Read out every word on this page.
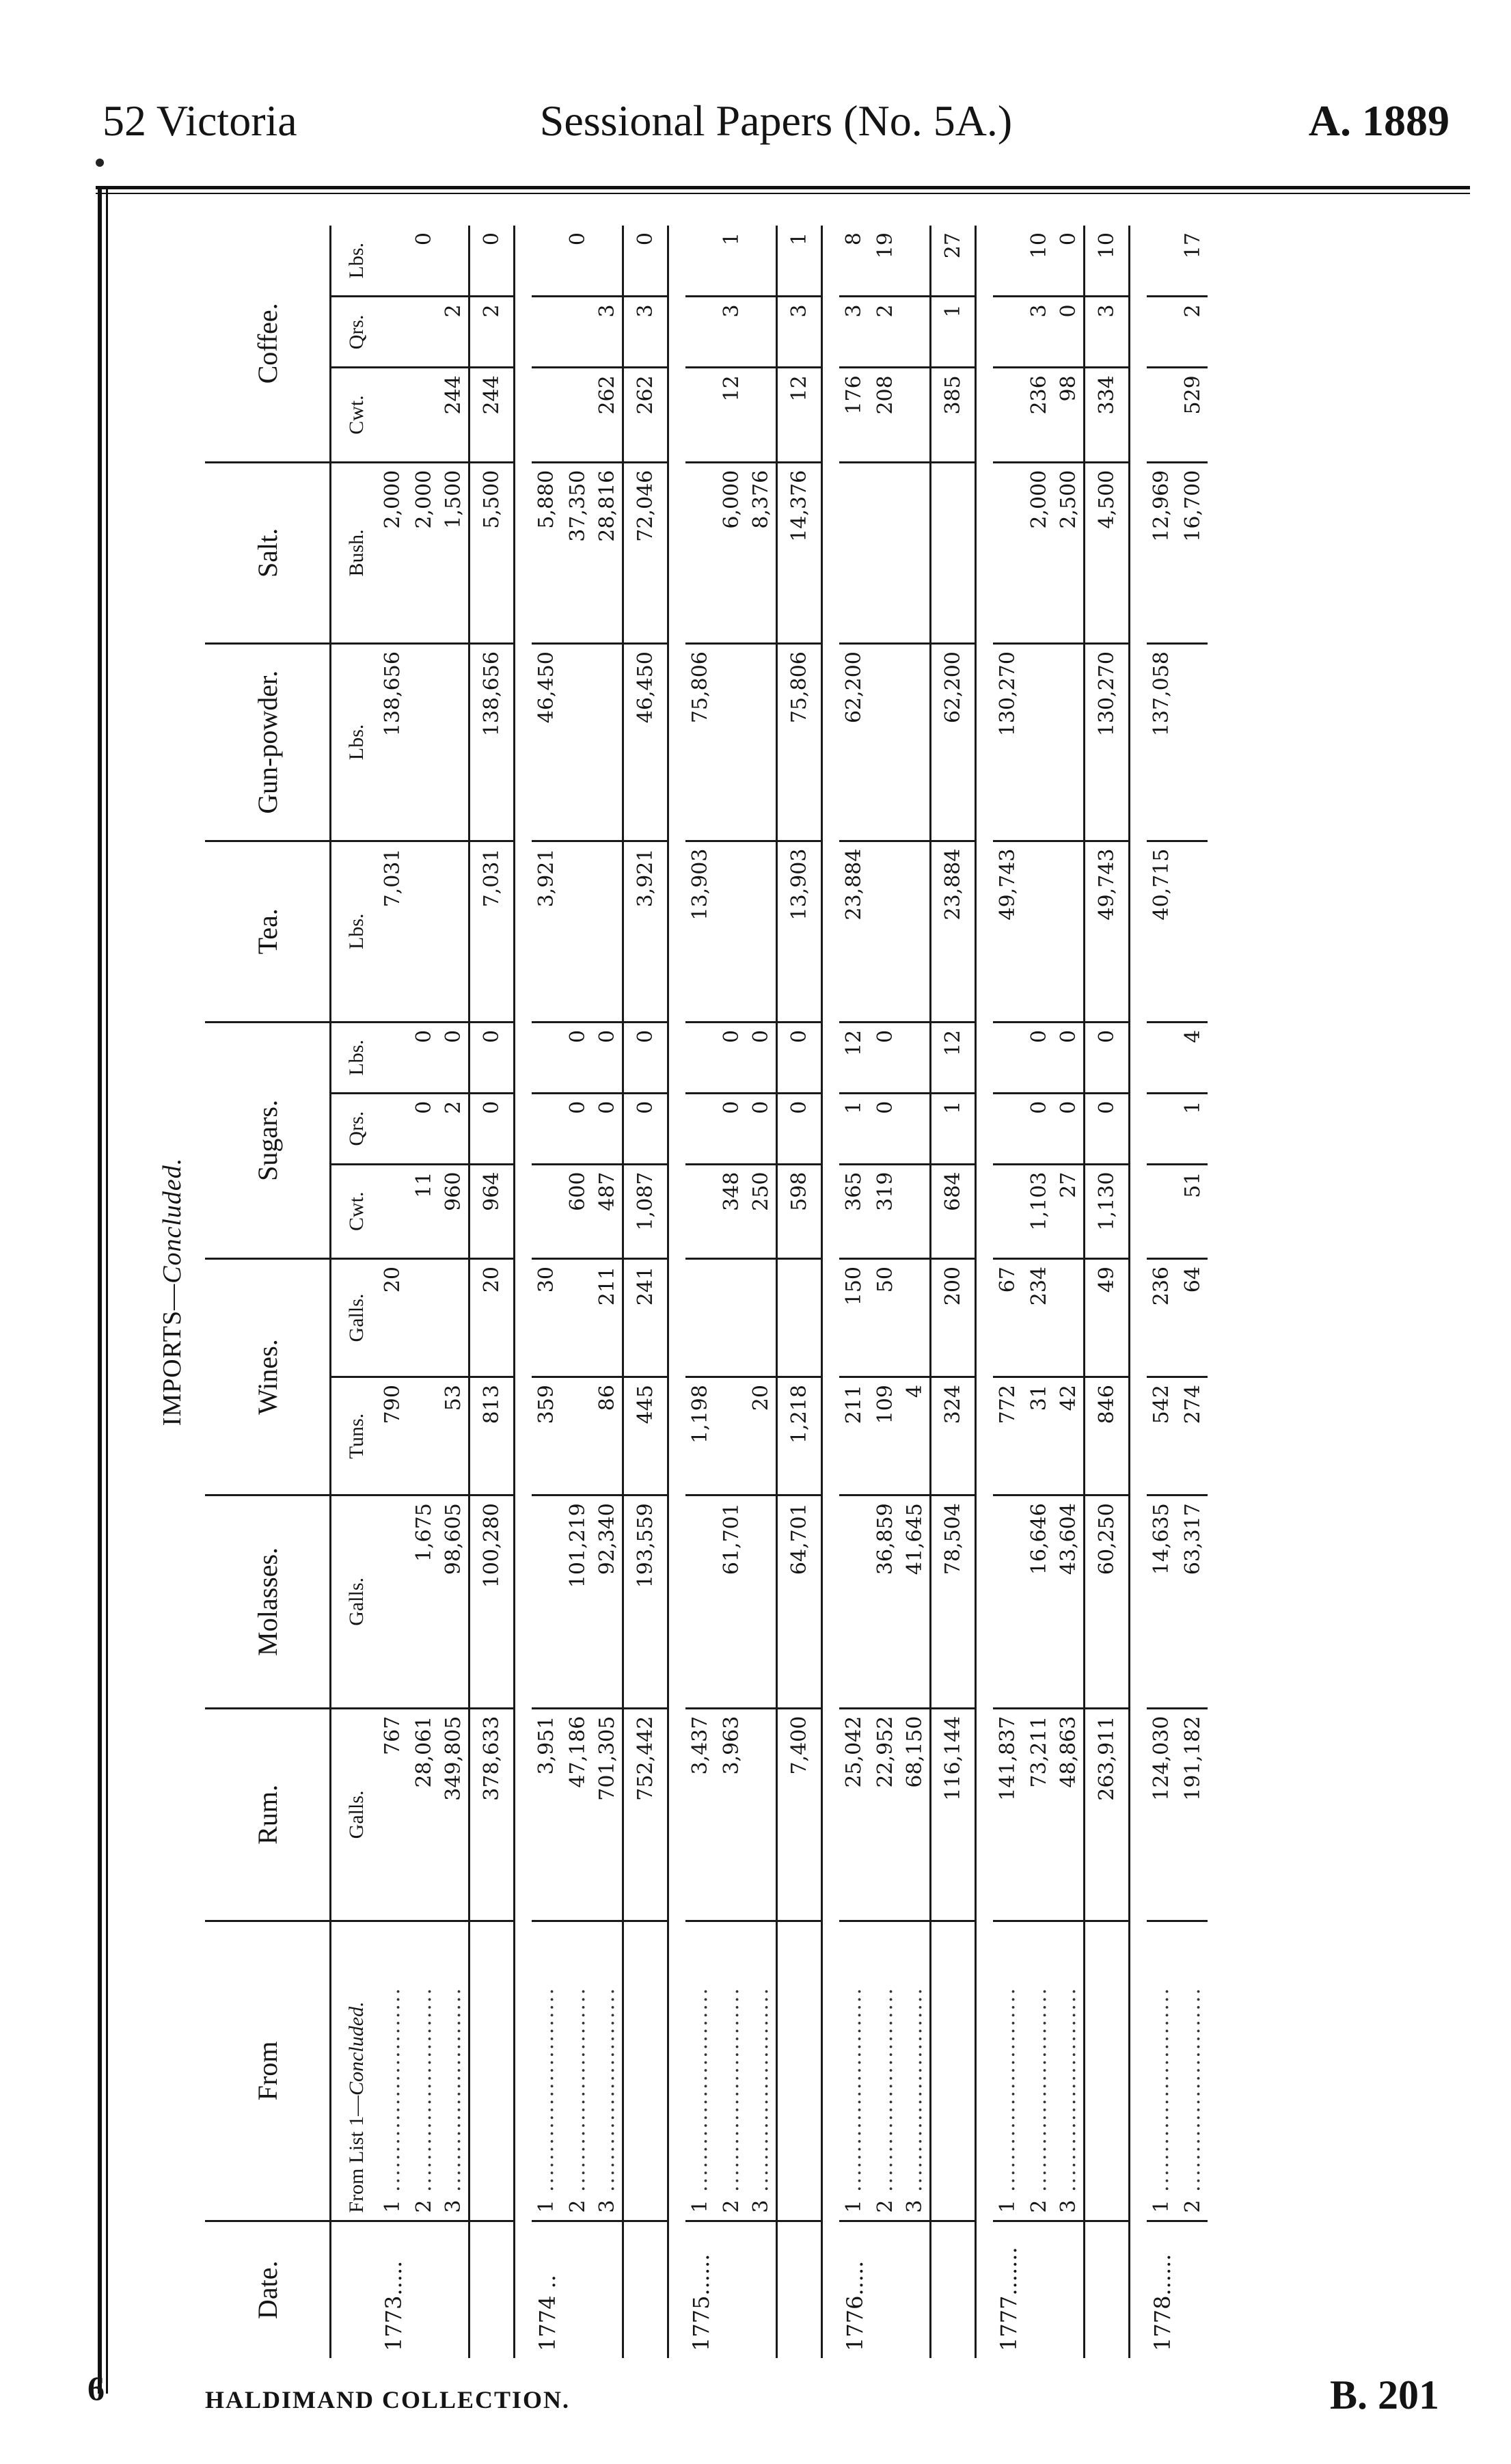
52 Victoria	Sessional Papers (No. 5A.)	A. 1889
IMPORTS—Concluded.
Date.	From	Rum.	Molasses.	Wines.		Sugars.			Tea.	Gun-powder.	Salt.	Coffee.		
	From List 1—Concluded.	Galls.	Galls.	Tuns.	Galls.	Cwt.	Qrs.	Lbs.	Lbs.	Lbs.	Bush.	Cwt.	Qrs.	Lbs.
1773.....	1 ..........................	767		790	20				7,031	138,656	2,000			
	2 ..........................	28,061	1,675			11	0	0			2,000			0
	3 ..........................	349,805	98,605	53		960	2	0			1,500	244	2	
		378,633	100,280	813	20	964	0	0	7,031	138,656	5,500	244	2	0

1774 ..	1 ..........................	3,951		359	30				3,921	46,450	5,880			
	2 ..........................	47,186	101,219			600	0	0			37,350			0
	3 ..........................	701,305	92,340	86	211	487	0	0			28,816	262	3	
		752,442	193,559	445	241	1,087	0	0	3,921	46,450	72,046	262	3	0

1775......	1 ..........................	3,437		1,198					13,903	75,806				
	2 ..........................	3,963	61,701			348	0	0			6,000	12	3	1
	3 ..........................			20		250	0	0			8,376			
		7,400	64,701	1,218		598	0	0	13,903	75,806	14,376	12	3	1

1776.....	1 ..........................	25,042		211	150	365	1	12	23,884	62,200		176	3	8
	2 ..........................	22,952	36,859	109	50	319	0	0				208	2	19
	3 ..........................	68,150	41,645	4										
		116,144	78,504	324	200	684	1	12	23,884	62,200		385	1	27

1777.......	1 ..........................	141,837		772	67				49,743	130,270				
	2 ..........................	73,211	16,646	31	234	1,103	0	0			2,000	236	3	10
	3 ..........................	48,863	43,604	42		27	0	0			2,500	98	0	0
		263,911	60,250	846	49	1,130	0	0	49,743	130,270	4,500	334	3	10

1778......	1 ..........................	124,030	14,635	542	236				40,715	137,058	12,969			
	2 ..........................	191,182	63,317	274	64	51	1	4			16,700	529	2	17

6	HALDIMAND COLLECTION.	B. 201
